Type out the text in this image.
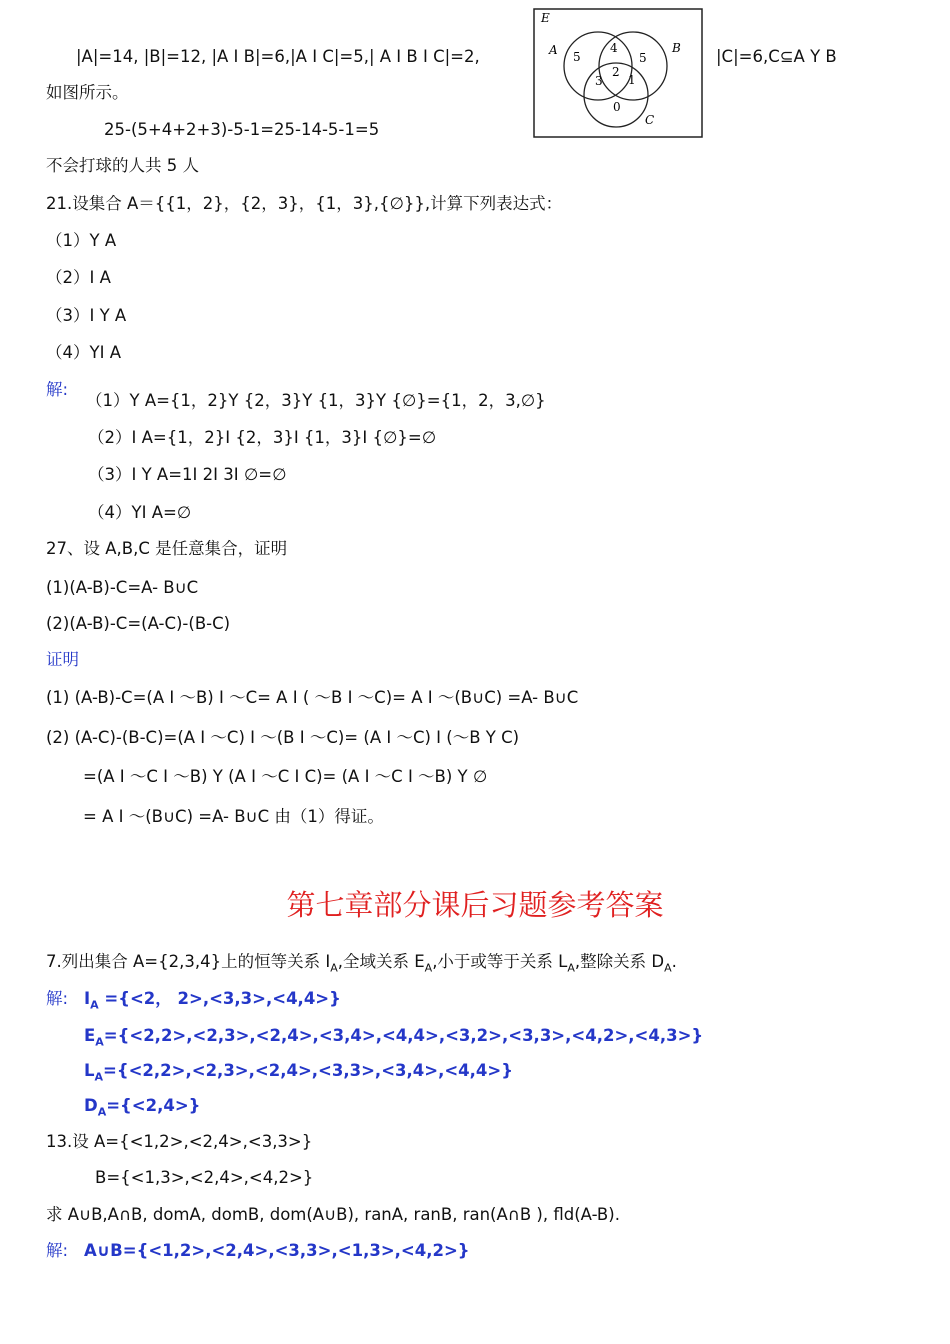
|A|=14, |B|=12, |A I B|=6,|A I C|=5,| A I B I C|=2,	|C|=6,C⊆A Y B
E
A	B
C
5
4
5
3
2
1
0
如图所示。
25-(5+4+2+3)-5-1=25-14-5-1=5
不会打球的人共 5 人
21.设集合 A＝{{1，2}，{2，3}，{1，3},{∅}},计算下列表达式：
（1）Y A
（2）I A
（3）I Y A
（4）YI A
解:
（1）Y A={1，2}Y {2，3}Y {1，3}Y {∅}={1，2，3,∅}
（2）I A={1，2}I {2，3}I {1，3}I {∅}=∅
（3）I Y A=1I 2I 3I ∅=∅
（4）YI A=∅
27、设 A,B,C 是任意集合，证明
(1)(A-B)-C=A- B∪C
(2)(A-B)-C=(A-C)-(B-C)
证明
(1) (A-B)-C=(A I ～B) I ～C= A I ( ～B I ～C)= A I ～(B∪C) =A- B∪C
(2) (A-C)-(B-C)=(A I ～C) I ～(B I ～C)= (A I ～C) I (～B Y C)
=(A I ～C I ～B) Y (A I ～C I C)= (A I ～C I ～B) Y ∅
= A I ～(B∪C) =A- B∪C 由（1）得证。
第七章部分课后习题参考答案
7.列出集合 A={2,3,4}上的恒等关系 $I_A$,全域关系 $E_A$,小于或等于关系 $L_A$,整除关系 $D_A$.
解: $I_A =\{<2$， 2>,<3,3>,<4,4>}
$E_A=\{<2,2>,<2,3>,<2,4>,<3,4>,<4,4>,<3,2>,<3,3>,<4,2>,<4,3>\}$
$L_A=\{<2,2>,<2,3>,<2,4>,<3,3>,<3,4>,<4,4>\}$
$D_A=\{<2,4>\}$
13.设 A={<1,2>,<2,4>,<3,3>}
B={<1,3>,<2,4>,<4,2>}
求 A∪B,A∩B, domA, domB, dom(A∪B), ranA, ranB, ran(A∩B ), fld(A-B).
解: A∪B={<1,2>,<2,4>,<3,3>,<1,3>,<4,2>}
